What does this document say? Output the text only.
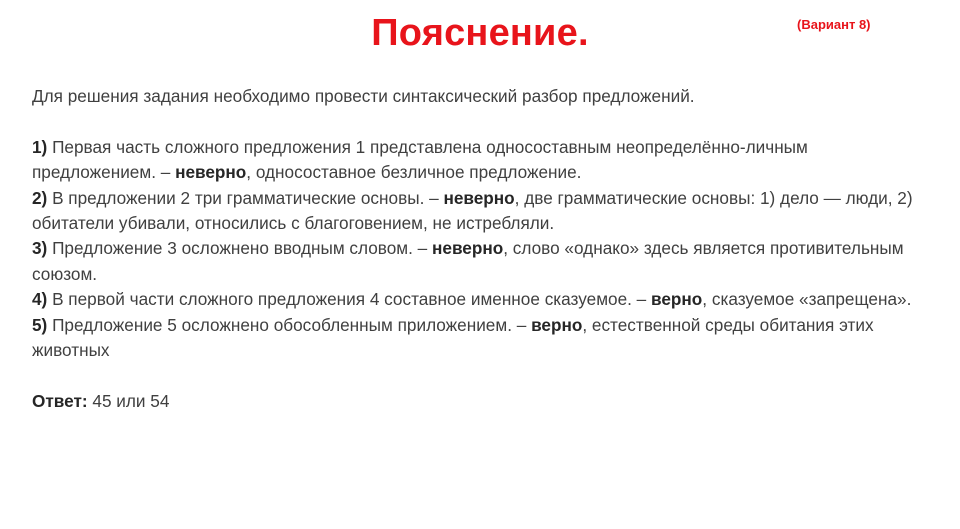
Пояснение.	(Вариант 8)

Для решения задания необходимо провести синтаксический разбор предложений.

1) Первая часть сложного предложения 1 представлена односоставным неопределённо-личным предложением. – неверно, односоставное безличное предложение.

2) В предложении 2 три грамматические основы. – неверно, две грамматические основы: 1) дело — люди, 2) обитатели убивали, относились с благоговением, не истребляли.

3) Предложение 3 осложнено вводным словом. – неверно, слово «однако» здесь является противительным союзом.

4) В первой части сложного предложения 4 составное именное сказуемое. – верно, сказуемое «запрещена».

5) Предложение 5 осложнено обособленным приложением. – верно, естественной среды обитания этих животных

Ответ: 45 или 54
